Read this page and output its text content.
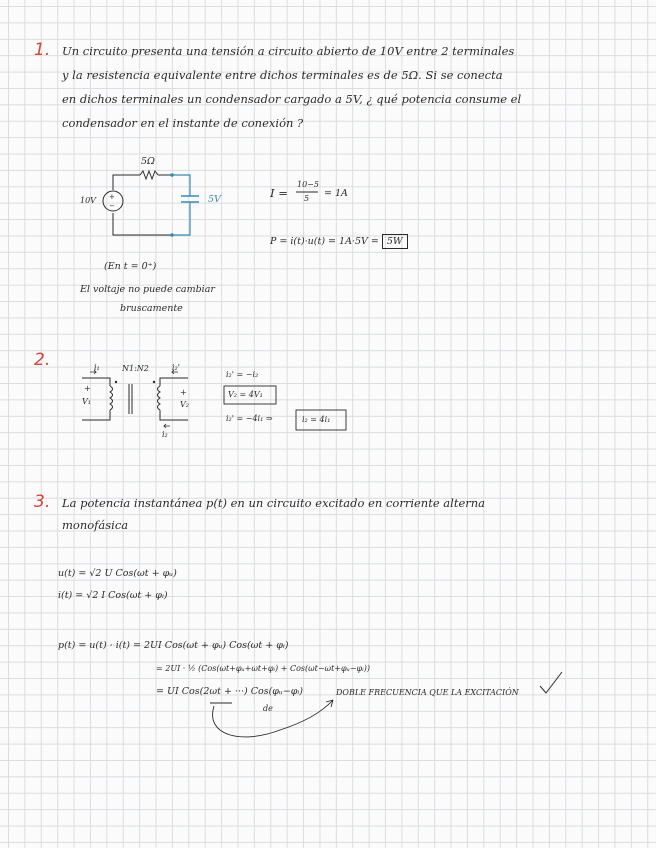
1. Un circuito presenta una tensión a circuito abierto de 10V entre 2 terminales
y la resistencia equivalente entre dichos terminales es de 5Ω. Si se conecta
en dichos terminales un condensador cargado a 5V, ¿ qué potencia consume el
condensador en el instante de conexión ?
+
−
5Ω
10V	5V	I =
10−5
5 = 1A
P = i(t)·u(t) = 1A·5V = 5W
(En t = 0⁺)
El voltaje no puede cambiar
bruscamente
2.	N1:N2
i₁	i₂'
i₂
+
V₁
+
V₂
i₂' = −i₂
V₂ = 4V₁
i₂' = −4i₁ ⇒	i₂ = 4i₁
3. La potencia instantánea p(t) en un circuito excitado en corriente alterna
monofásica
u(t) = √2 U Cos(ωt + φᵤ)
i(t) = √2 I Cos(ωt + φᵢ)
p(t) = u(t) · i(t) = 2UI Cos(ωt + φᵤ) Cos(ωt + φᵢ)
= 2UI · ½ (Cos(ωt+φᵤ+ωt+φᵢ) + Cos(ωt−ωt+φᵤ−φᵢ))
= UI Cos(2ωt + ···) Cos(φᵤ−φᵢ)
de
DOBLE FRECUENCIA QUE LA EXCITACIÓN
